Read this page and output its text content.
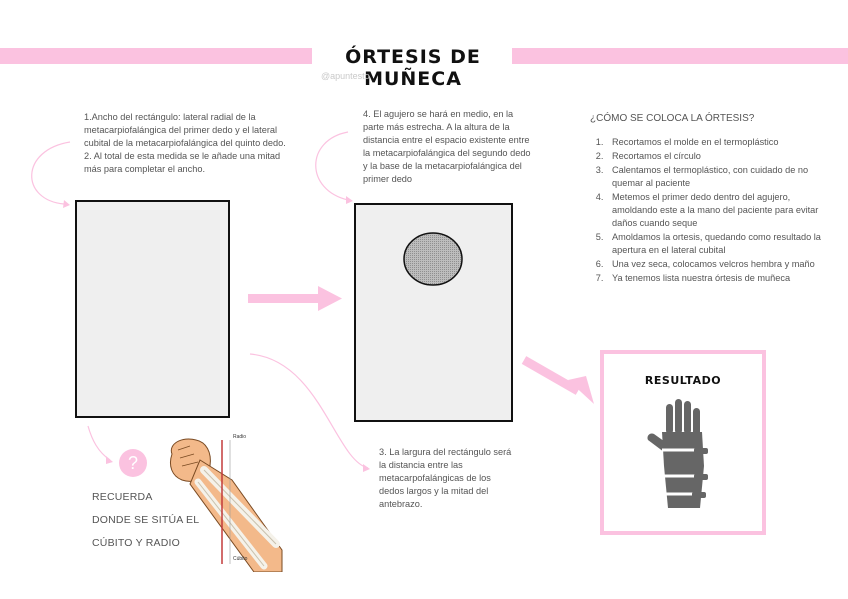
ÓRTESIS DE MUÑECA
@apuntesto
1.Ancho del rectángulo: lateral radial de la
metacarpiofalángica del primer dedo y el lateral
cubital de la metacarpiofalángica del quinto dedo.
2. Al total de esta medida se le añade una mitad
más para completar el ancho.
4. El agujero se hará en medio, en la
parte más estrecha. A la altura de la
distancia entre el espacio existente entre
la metacarpiofalángica del segundo dedo
y la base de la metacarpiofalángica del
primer dedo
3. La largura del rectángulo será
la distancia entre las
metacarpofalángicas de los
dedos largos y la mitad del
antebrazo.
¿CÓMO SE COLOCA LA ÓRTESIS?
1. Recortamos el molde en el termoplástico
2. Recortamos el círculo
3. Calentamos el termoplástico, con cuidado de no quemar al paciente
4. Metemos el primer dedo dentro del agujero, amoldando este a la mano del paciente para evitar daños cuando seque
5. Amoldamos la ortesis, quedando como resultado la apertura en el lateral cubital
6. Una vez seca, colocamos velcros hembra y maño
7. Ya tenemos lista nuestra órtesis de muñeca
RESULTADO
?
RECUERDA
DONDE SE SITÚA EL
CÚBITO Y RADIO
Radio
Cúbito
